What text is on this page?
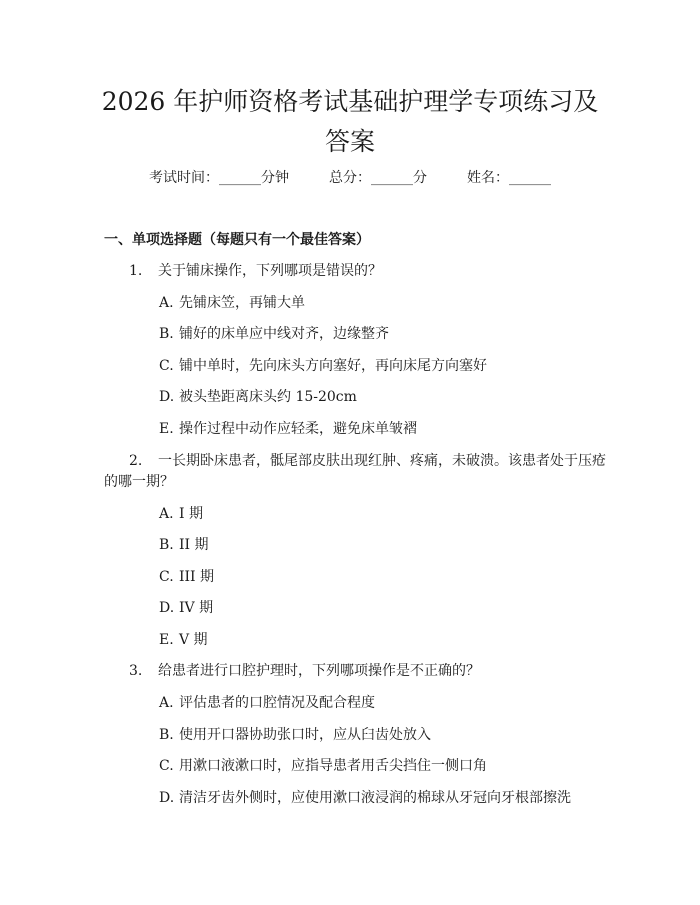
2026 年护师资格考试基础护理学专项练习及
答案
考试时间：______分钟	总分：______分	姓名：______
一、单项选择题（每题只有一个最佳答案）
1. 关于铺床操作，下列哪项是错误的？
A. 先铺床笠，再铺大单
B. 铺好的床单应中线对齐，边缘整齐
C. 铺中单时，先向床头方向塞好，再向床尾方向塞好
D. 被头垫距离床头约 15-20cm
E. 操作过程中动作应轻柔，避免床单皱褶
2. 一长期卧床患者，骶尾部皮肤出现红肿、疼痛，未破溃。该患者处于压疮
的哪一期？
A. I 期
B. II 期
C. III 期
D. IV 期
E. V 期
3. 给患者进行口腔护理时，下列哪项操作是不正确的？
A. 评估患者的口腔情况及配合程度
B. 使用开口器协助张口时，应从臼齿处放入
C. 用漱口液漱口时，应指导患者用舌尖挡住一侧口角
D. 清洁牙齿外侧时，应使用漱口液浸润的棉球从牙冠向牙根部擦洗
